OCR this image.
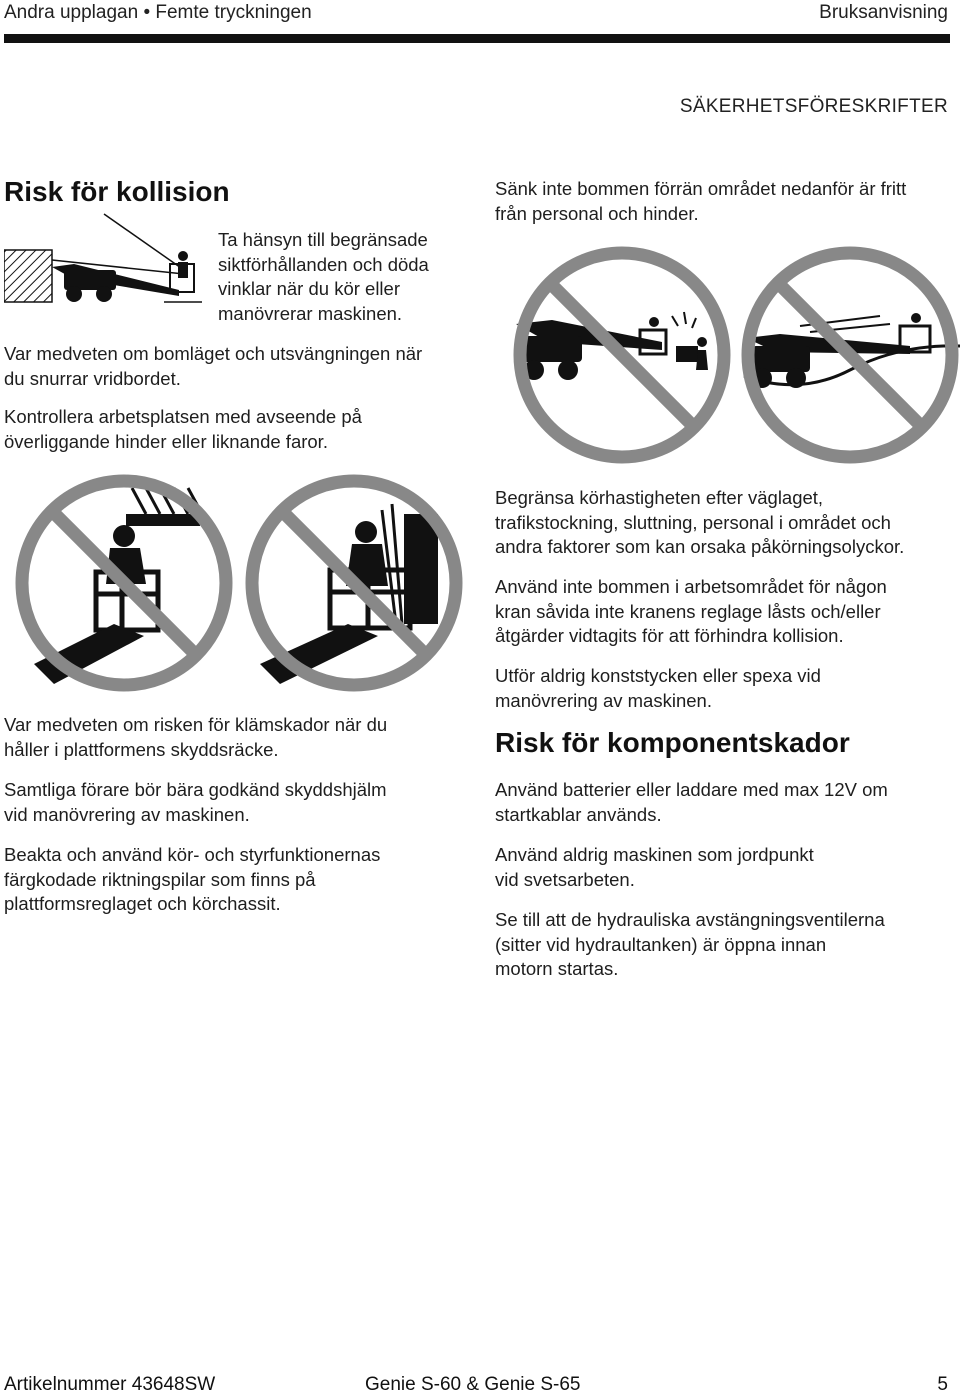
Andra upplagan • Femte tryckningen	Bruksanvisning
SÄKERHETSFÖRESKRIFTER
Risk för kollision
Ta hänsyn till begränsade
siktförhållanden och döda
vinklar när du kör eller
manövrerar maskinen.
Var medveten om bomläget och utsvängningen när
du snurrar vridbordet.
Kontrollera arbetsplatsen med avseende på
överliggande hinder eller liknande faror.
Var medveten om risken för klämskador när du
håller i plattformens skyddsräcke.
Samtliga förare bör bära godkänd skyddshjälm
vid manövrering av maskinen.
Beakta och använd kör- och styrfunktionernas
färgkodade riktningspilar som finns på
plattformsreglaget och körchassit.
Sänk inte bommen förrän området nedanför är fritt
från personal och hinder.
Begränsa körhastigheten efter väglaget,
trafikstockning, sluttning, personal i området och
andra faktorer som kan orsaka påkörningsolyckor.
Använd inte bommen i arbetsområdet för någon
kran såvida inte kranens reglage låsts och/eller
åtgärder vidtagits för att förhindra kollision.
Utför aldrig konststycken eller spexa vid
manövrering av maskinen.
Risk för komponentskador
Använd batterier eller laddare med max 12V om
startkablar används.
Använd aldrig maskinen som jordpunkt
vid svetsarbeten.
Se till att de hydrauliska avstängningsventilerna
(sitter vid hydraultanken) är öppna innan
motorn startas.
Artikelnummer 43648SW	Genie S-60 & Genie S-65	5
